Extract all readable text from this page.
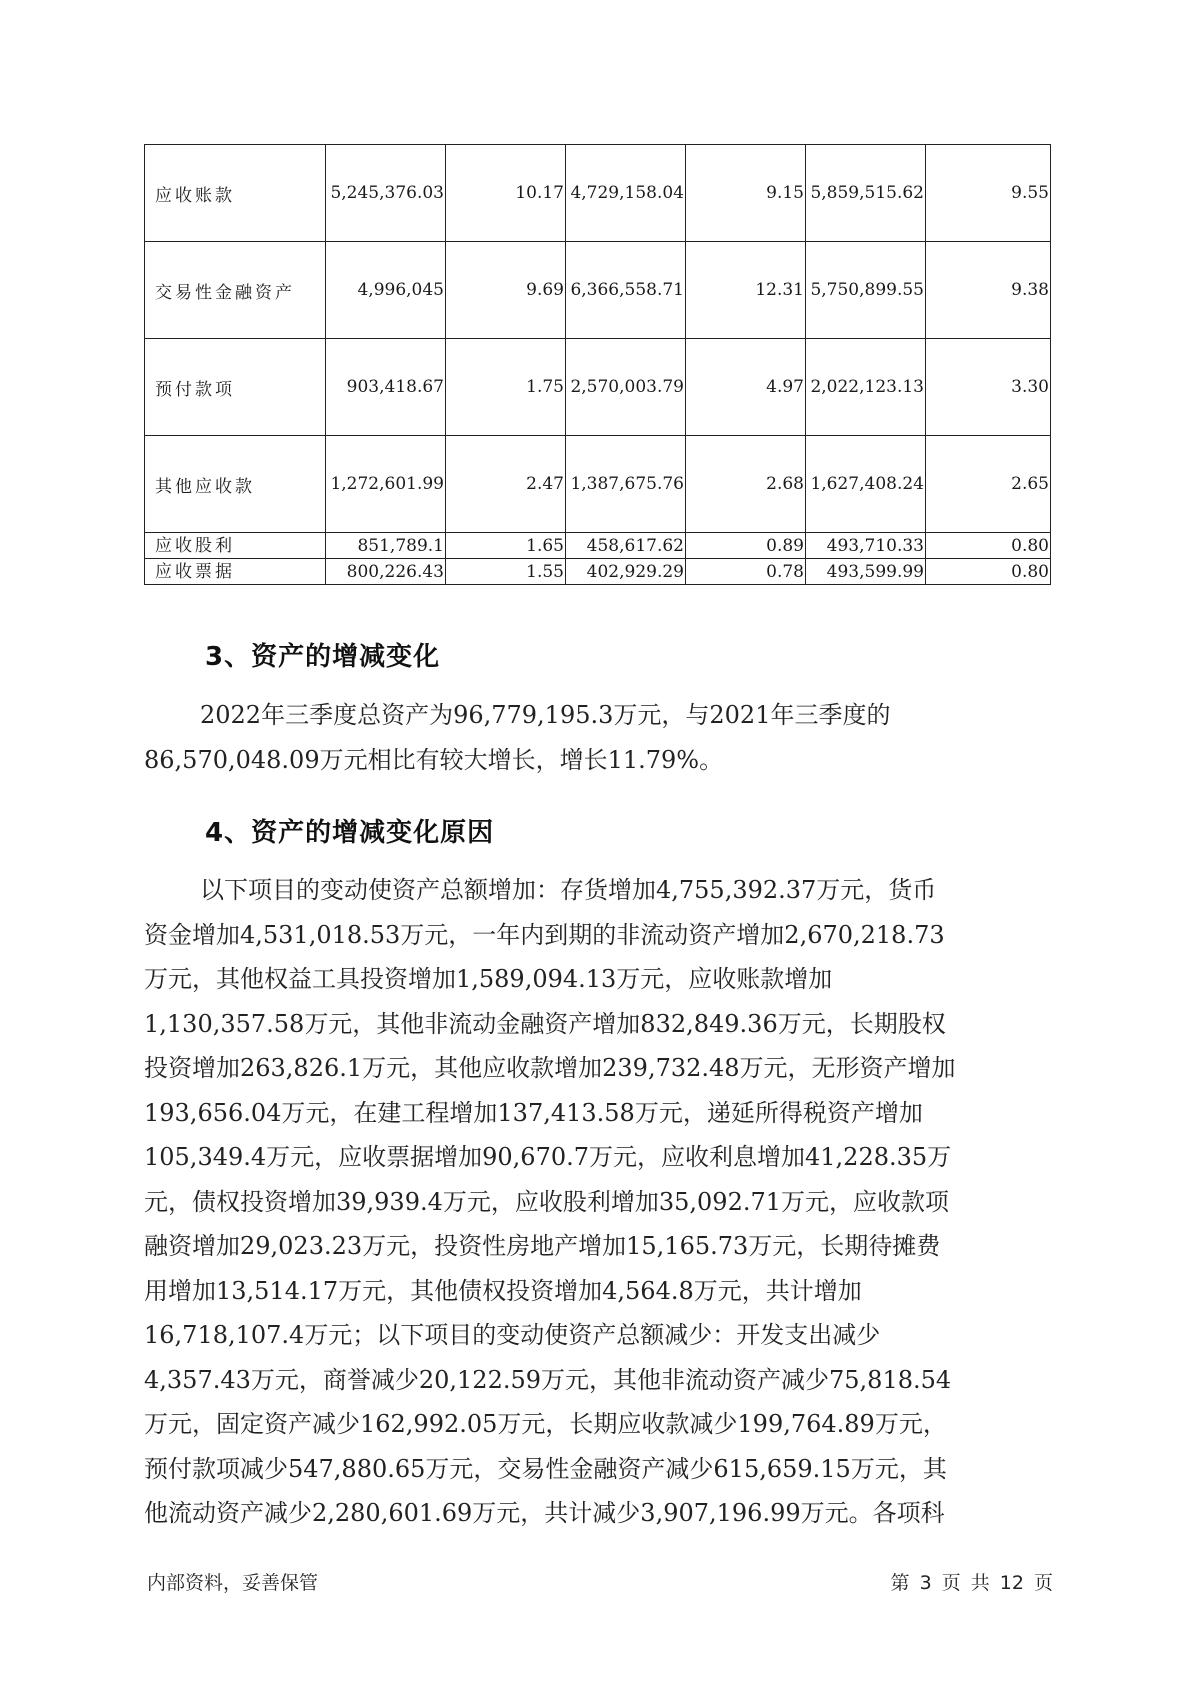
应收账款	5,245,376.03	10.17	4,729,158.04	9.15	5,859,515.62	9.55
交易性金融资产	4,996,045	9.69	6,366,558.71	12.31	5,750,899.55	9.38
预付款项	903,418.67	1.75	2,570,003.79	4.97	2,022,123.13	3.30
其他应收款	1,272,601.99	2.47	1,387,675.76	2.68	1,627,408.24	2.65
应收股利	851,789.1	1.65	458,617.62	0.89	493,710.33	0.80
应收票据	800,226.43	1.55	402,929.29	0.78	493,599.99	0.80
3、资产的增减变化
2022年三季度总资产为96,779,195.3万元，与2021年三季度的
86,570,048.09万元相比有较大增长，增长11.79%。
4、资产的增减变化原因
以下项目的变动使资产总额增加：存货增加4,755,392.37万元，货币
资金增加4,531,018.53万元，一年内到期的非流动资产增加2,670,218.73
万元，其他权益工具投资增加1,589,094.13万元，应收账款增加
1,130,357.58万元，其他非流动金融资产增加832,849.36万元，长期股权
投资增加263,826.1万元，其他应收款增加239,732.48万元，无形资产增加
193,656.04万元，在建工程增加137,413.58万元，递延所得税资产增加
105,349.4万元，应收票据增加90,670.7万元，应收利息增加41,228.35万
元，债权投资增加39,939.4万元，应收股利增加35,092.71万元，应收款项
融资增加29,023.23万元，投资性房地产增加15,165.73万元，长期待摊费
用增加13,514.17万元，其他债权投资增加4,564.8万元，共计增加
16,718,107.4万元；以下项目的变动使资产总额减少：开发支出减少
4,357.43万元，商誉减少20,122.59万元，其他非流动资产减少75,818.54
万元，固定资产减少162,992.05万元，长期应收款减少199,764.89万元，
预付款项减少547,880.65万元，交易性金融资产减少615,659.15万元，其
他流动资产减少2,280,601.69万元，共计减少3,907,196.99万元。各项科
内部资料，妥善保管	第 3 页 共 12 页
